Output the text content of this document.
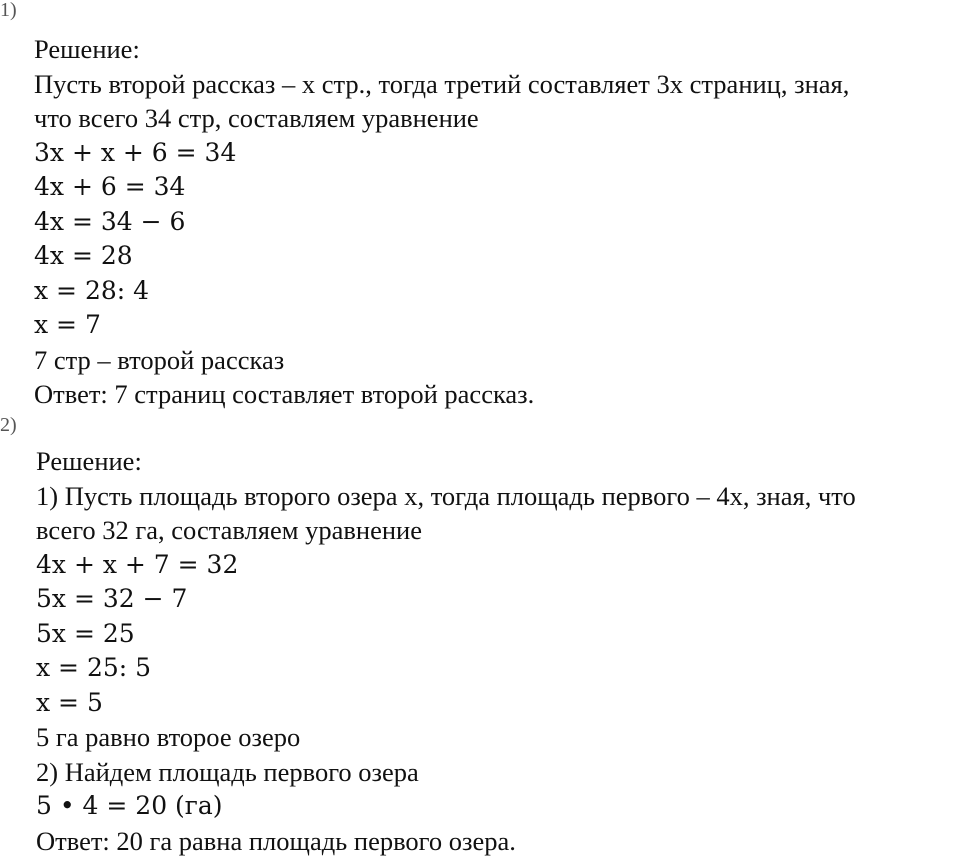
1)
Решение:
Пусть второй рассказ – x стр., тогда третий составляет 3x страниц, зная,
что всего 34 стр, составляем уравнение
3x + x + 6 = 34
4x + 6 = 34
4x = 34 − 6
4x = 28
x = 28: 4
x = 7
7 стр – второй рассказ
Ответ: 7 страниц составляет второй рассказ.
2)
Решение:
1) Пусть площадь второго озера x, тогда площадь первого – 4x, зная, что
всего 32 га, составляем уравнение
4x + x + 7 = 32
5x = 32 − 7
5x = 25
x = 25: 5
x = 5
5 га равно второе озеро
2) Найдем площадь первого озера
5 • 4 = 20 (га)
Ответ: 20 га равна площадь первого озера.
